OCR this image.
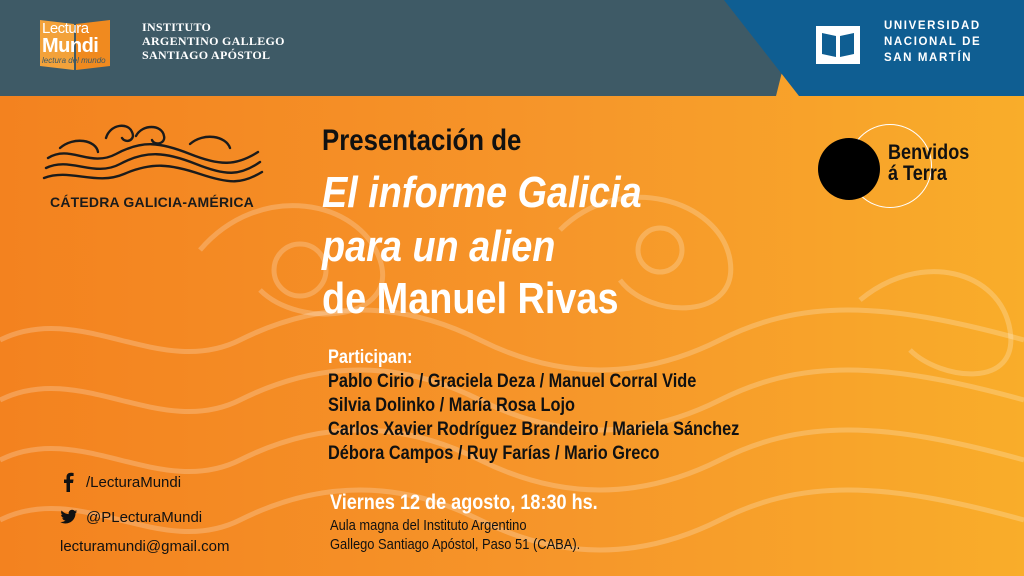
Lectura
Mundi
lectura del mundo
INSTITUTO
ARGENTINO GALLEGO
SANTIAGO APÓSTOL
UNIVERSIDAD
NACIONAL DE
SAN MARTÍN
CÁTEDRA GALICIA-AMÉRICA
Presentación de
El informe Galicia
para un alien
de Manuel Rivas
Benvidos
á Terra
Participan:
Pablo Cirio / Graciela Deza / Manuel Corral Vide
Silvia Dolinko / María Rosa Lojo
Carlos Xavier Rodríguez Brandeiro / Mariela Sánchez
Débora Campos / Ruy Farías / Mario Greco
Viernes 12 de agosto, 18:30 hs.
Aula magna del Instituto Argentino
Gallego Santiago Apóstol, Paso 51 (CABA).
/LecturaMundi
@PLecturaMundi
lecturamundi@gmail.com
